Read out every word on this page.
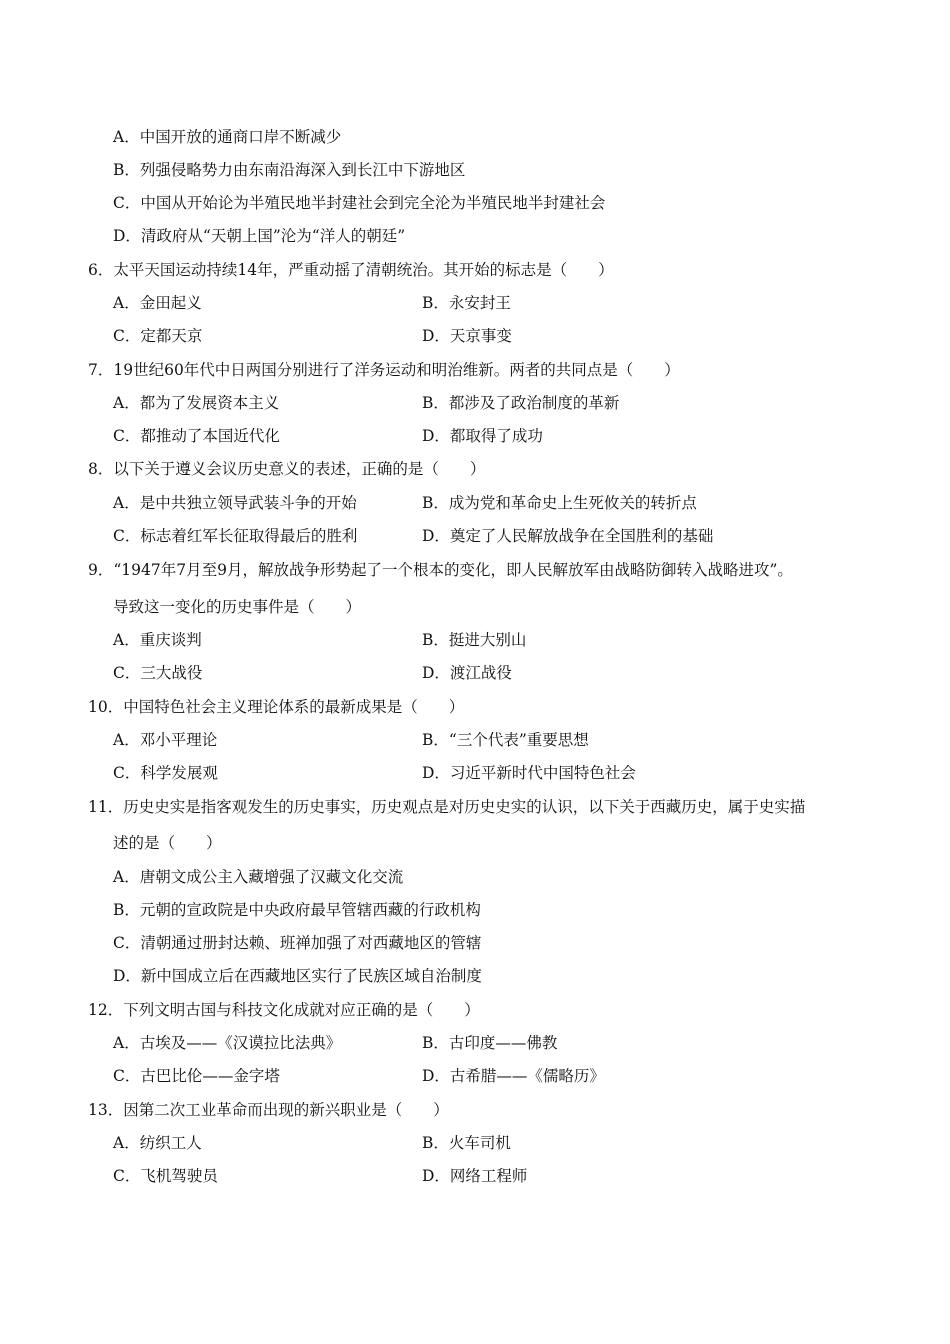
A．中国开放的通商口岸不断减少
B．列强侵略势力由东南沿海深入到长江中下游地区
C．中国从开始论为半殖民地半封建社会到完全沦为半殖民地半封建社会
D．清政府从“天朝上国”沦为“洋人的朝廷”
6．太平天国运动持续14年，严重动摇了清朝统治。其开始的标志是（　　）
A．金田起义	B．永安封王
C．定都天京	D．天京事变
7．19世纪60年代中日两国分别进行了洋务运动和明治维新。两者的共同点是（　　）
A．都为了发展资本主义	B．都涉及了政治制度的革新
C．都推动了本国近代化	D．都取得了成功
8．以下关于遵义会议历史意义的表述，正确的是（　　）
A．是中共独立领导武装斗争的开始	B．成为党和革命史上生死攸关的转折点
C．标志着红军长征取得最后的胜利	D．奠定了人民解放战争在全国胜利的基础
9．“1947年7月至9月，解放战争形势起了一个根本的变化，即人民解放军由战略防御转入战略进攻”。
导致这一变化的历史事件是（　　）
A．重庆谈判	B．挺进大别山
C．三大战役	D．渡江战役
10．中国特色社会主义理论体系的最新成果是（　　）
A．邓小平理论	B．“三个代表”重要思想
C．科学发展观	D．习近平新时代中国特色社会
11．历史史实是指客观发生的历史事实，历史观点是对历史史实的认识，以下关于西藏历史，属于史实描
述的是（　　）
A．唐朝文成公主入藏增强了汉藏文化交流
B．元朝的宣政院是中央政府最早管辖西藏的行政机构
C．清朝通过册封达赖、班禅加强了对西藏地区的管辖
D．新中国成立后在西藏地区实行了民族区域自治制度
12．下列文明古国与科技文化成就对应正确的是（　　）
A．古埃及——《汉谟拉比法典》	B．古印度——佛教
C．古巴比伦——金字塔	D．古希腊——《儒略历》
13．因第二次工业革命而出现的新兴职业是（　　）
A．纺织工人	B．火车司机
C．飞机驾驶员	D．网络工程师
